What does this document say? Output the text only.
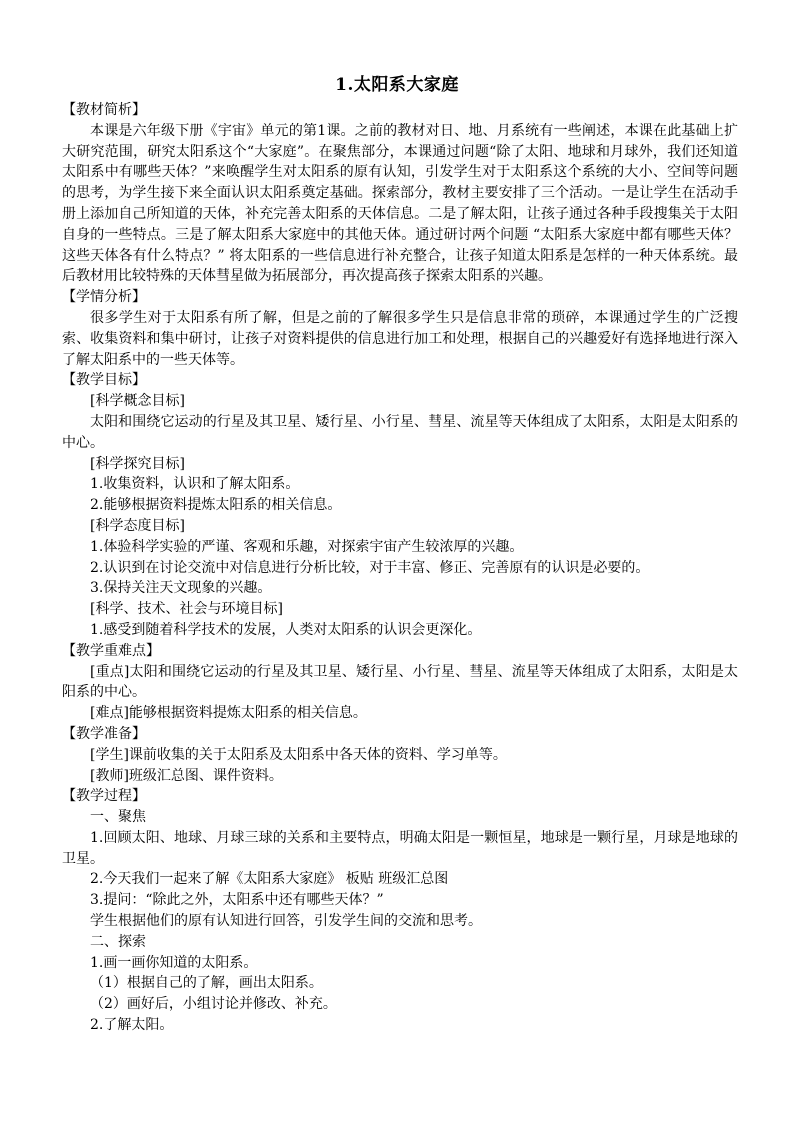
1.太阳系大家庭

【教材简析】

本课是六年级下册《宇宙》单元的第1课。之前的教材对日、地、月系统有一些阐述，本课在此基础上扩大研究范围，研究太阳系这个“大家庭”。在聚焦部分，本课通过问题“除了太阳、地球和月球外，我们还知道太阳系中有哪些天体？”来唤醒学生对太阳系的原有认知，引发学生对于太阳系这个系统的大小、空间等问题的思考，为学生接下来全面认识太阳系奠定基础。探索部分，教材主要安排了三个活动。一是让学生在活动手册上添加自己所知道的天体，补充完善太阳系的天体信息。二是了解太阳，让孩子通过各种手段搜集关于太阳自身的一些特点。三是了解太阳系大家庭中的其他天体。通过研讨两个问题 “太阳系大家庭中都有哪些天体？这些天体各有什么特点？” 将太阳系的一些信息进行补充整合，让孩子知道太阳系是怎样的一种天体系统。最后教材用比较特殊的天体彗星做为拓展部分，再次提高孩子探索太阳系的兴趣。

【学情分析】

很多学生对于太阳系有所了解，但是之前的了解很多学生只是信息非常的琐碎，本课通过学生的广泛搜索、收集资料和集中研讨，让孩子对资料提供的信息进行加工和处理，根据自己的兴趣爱好有选择地进行深入了解太阳系中的一些天体等。

【教学目标】

[科学概念目标]

太阳和围绕它运动的行星及其卫星、矮行星、小行星、彗星、流星等天体组成了太阳系，太阳是太阳系的中心。

[科学探究目标]

1.收集资料，认识和了解太阳系。

2.能够根据资料提炼太阳系的相关信息。

[科学态度目标]

1.体验科学实验的严谨、客观和乐趣，对探索宇宙产生较浓厚的兴趣。

2.认识到在讨论交流中对信息进行分析比较，对于丰富、修正、完善原有的认识是必要的。

3.保持关注天文现象的兴趣。

[科学、技术、社会与环境目标]

1.感受到随着科学技术的发展，人类对太阳系的认识会更深化。

【教学重难点】

[重点]太阳和围绕它运动的行星及其卫星、矮行星、小行星、彗星、流星等天体组成了太阳系，太阳是太阳系的中心。

[难点]能够根据资料提炼太阳系的相关信息。

【教学准备】

[学生]课前收集的关于太阳系及太阳系中各天体的资料、学习单等。

[教师]班级汇总图、课件资料。

【教学过程】

一、聚焦

1.回顾太阳、地球、月球三球的关系和主要特点，明确太阳是一颗恒星，地球是一颗行星，月球是地球的卫星。

2.今天我们一起来了解《太阳系大家庭》 板贴 班级汇总图

3.提问：“除此之外，太阳系中还有哪些天体？”

学生根据他们的原有认知进行回答，引发学生间的交流和思考。

二、探索

1.画一画你知道的太阳系。

（1）根据自己的了解，画出太阳系。

（2）画好后，小组讨论并修改、补充。

2.了解太阳。
